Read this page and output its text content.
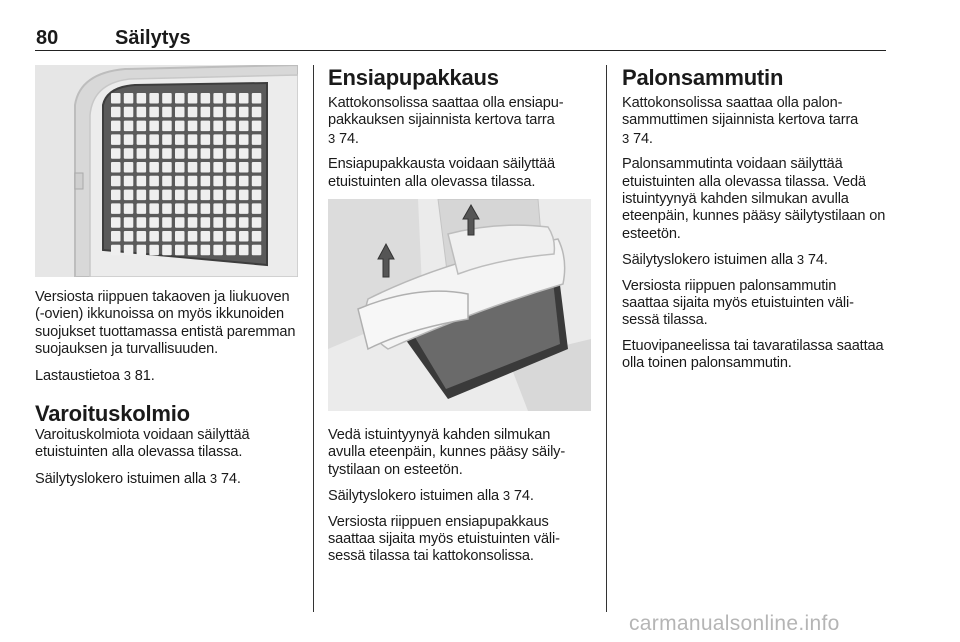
80	Säilytys

Versiosta riippuen takaoven ja liukuoven (-ovien) ikkunoissa on myös ikkunoiden suojukset tuottamassa entistä paremman suojauksen ja turvallisuuden.

Lastaustietoa 3 81.

Varoituskolmio

Varoituskolmiota voidaan säilyttää etuistuinten alla olevassa tilassa.

Säilytyslokero istuimen alla 3 74.

Ensiapupakkaus

Kattokonsolissa saattaa olla ensiapupakkauksen sijainnista kertova tarra
3 74.

Ensiapupakkausta voidaan säilyttää etuistuinten alla olevassa tilassa.

Vedä istuintyynyä kahden silmukan avulla eteenpäin, kunnes pääsy säilytystilaan on esteetön.

Säilytyslokero istuimen alla 3 74.

Versiosta riippuen ensiapupakkaus saattaa sijaita myös etuistuinten välisessä tilassa tai kattokonsolissa.

Palonsammutin

Kattokonsolissa saattaa olla palonsammuttimen sijainnista kertova tarra
3 74.

Palonsammutinta voidaan säilyttää etuistuinten alla olevassa tilassa. Vedä istuintyynyä kahden silmukan avulla eteenpäin, kunnes pääsy säilytystilaan on esteetön.

Säilytyslokero istuimen alla 3 74.

Versiosta riippuen palonsammutin saattaa sijaita myös etuistuinten välisessä tilassa.

Etuovipaneelissa tai tavaratilassa saattaa olla toinen palonsammutin.

carmanualsonline.info
